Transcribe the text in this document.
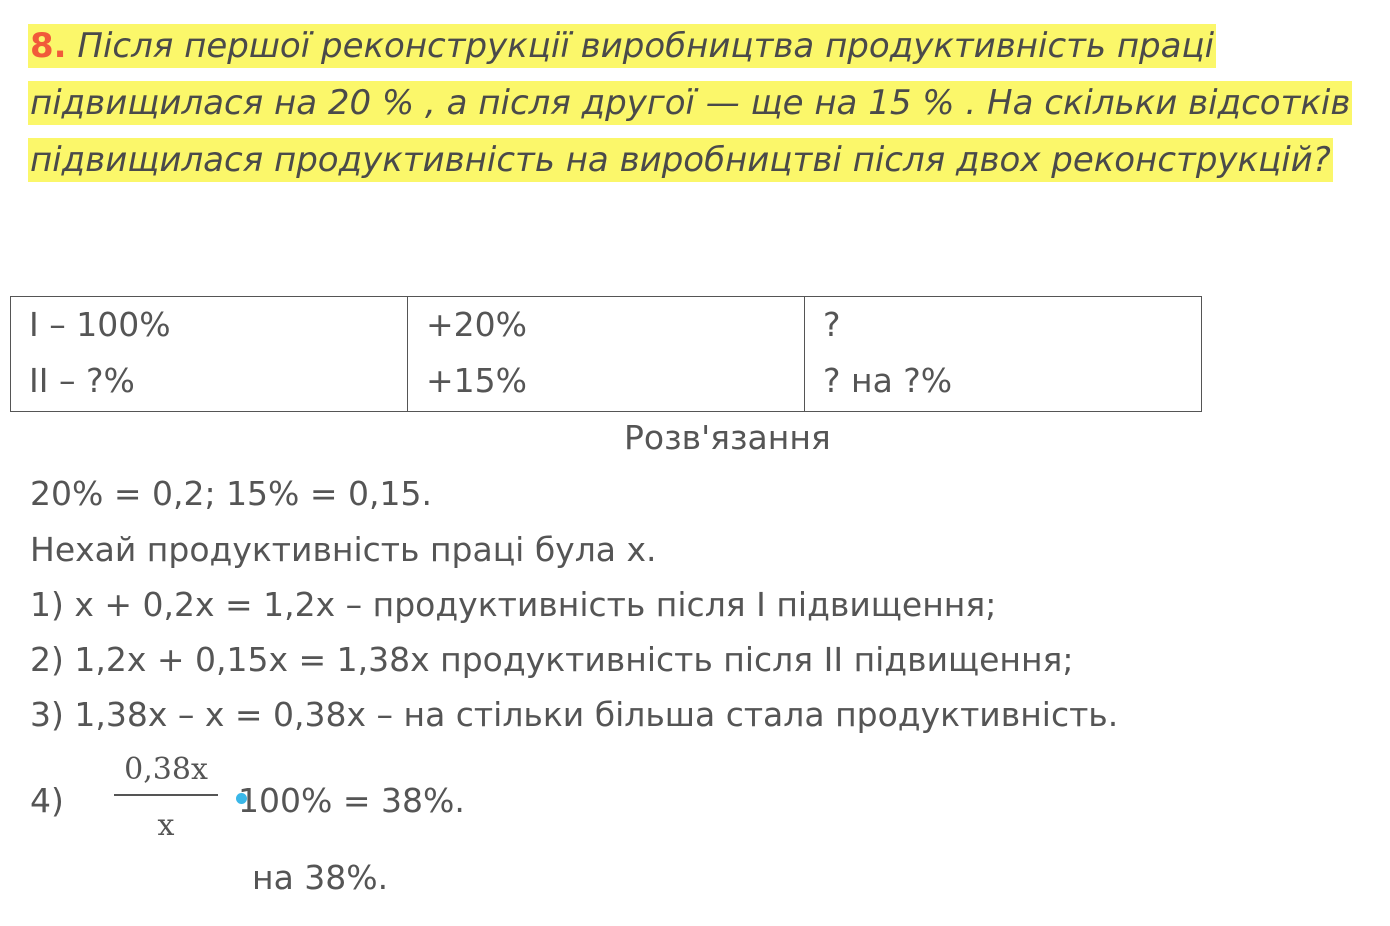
8. Після першої реконструкції виробництва продуктивність праці підвищилася на 20 % , а після другої — ще на 15 % . На скільки відсотків підвищилася продуктивність на виробництві після двох реконструкцій?
I – 100%
II – ?%

+20%
+15%

?
? на ?%
Розв'язання
20% = 0,2; 15% = 0,15.
Нехай продуктивність праці була х.
1) х + 0,2х = 1,2х – продуктивність після I підвищення;
2) 1,2х + 0,15х = 1,38х продуктивність після II підвищення;
3) 1,38х – х = 0,38х – на стільки більша стала продуктивність.
4)
0,38x
x
100% = 38%.
на 38%.
